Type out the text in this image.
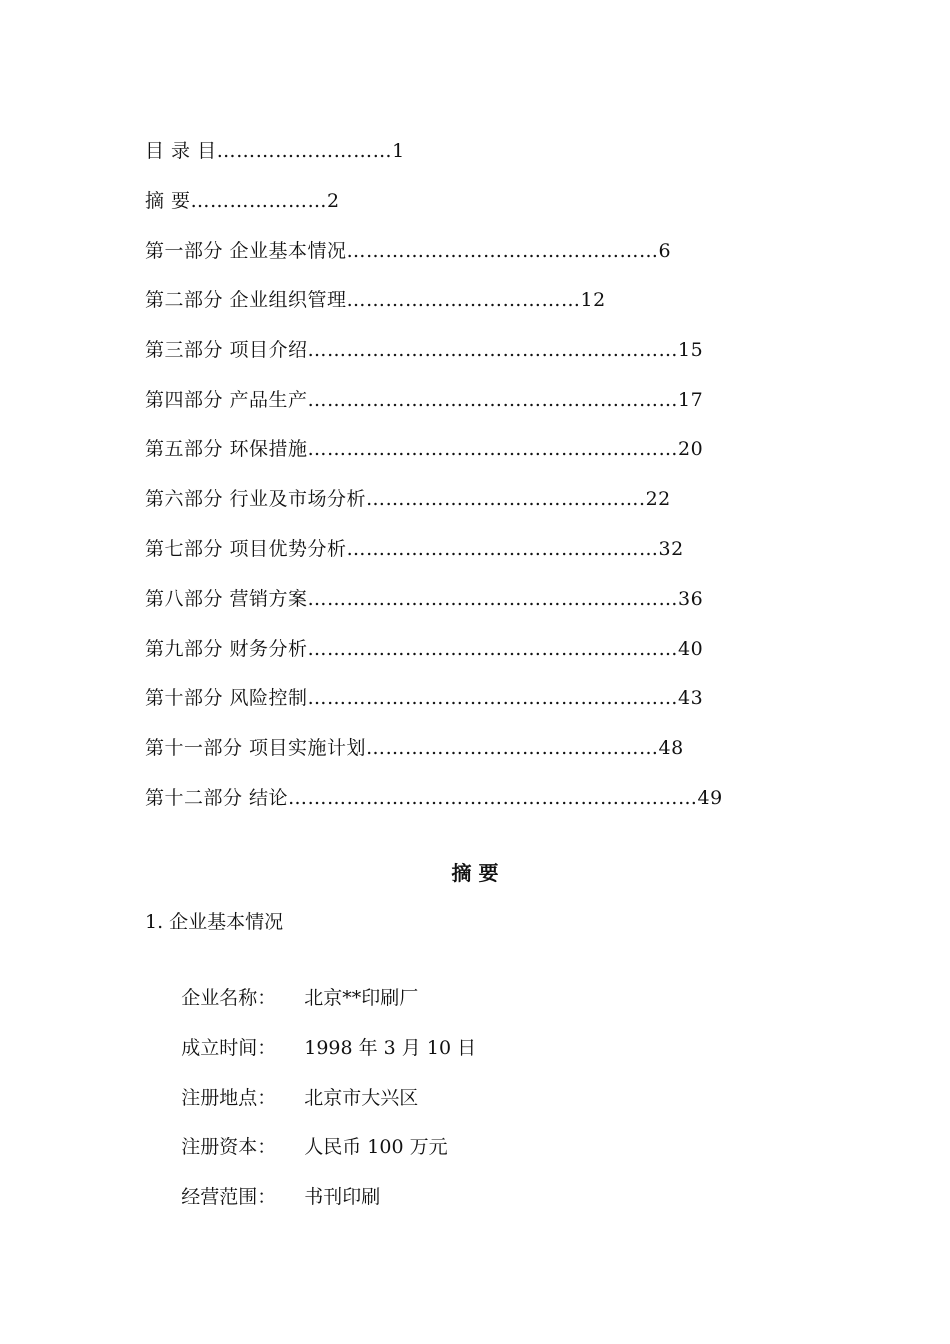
目 录 目………………………1
摘 要…………………2
第一部分 企业基本情况…………………………………………6
第二部分 企业组织管理………………………………12
第三部分 项目介绍…………………………………………………15
第四部分 产品生产…………………………………………………17
第五部分 环保措施…………………………………………………20
第六部分 行业及市场分析…………………………………….22
第七部分 项目优势分析…………………………………………32
第八部分 营销方案…………………………………………………36
第九部分 财务分析…………………………………………………40
第十部分 风险控制…………………………………………………43
第十一部分 项目实施计划………………………………………48
第十二部分 结论………………………………………………………49
摘 要
1. 企业基本情况

企业名称： 北京**印刷厂

成立时间： 1998 年 3 月 10 日

注册地点： 北京市大兴区

注册资本： 人民币 100 万元

经营范围： 书刊印刷
